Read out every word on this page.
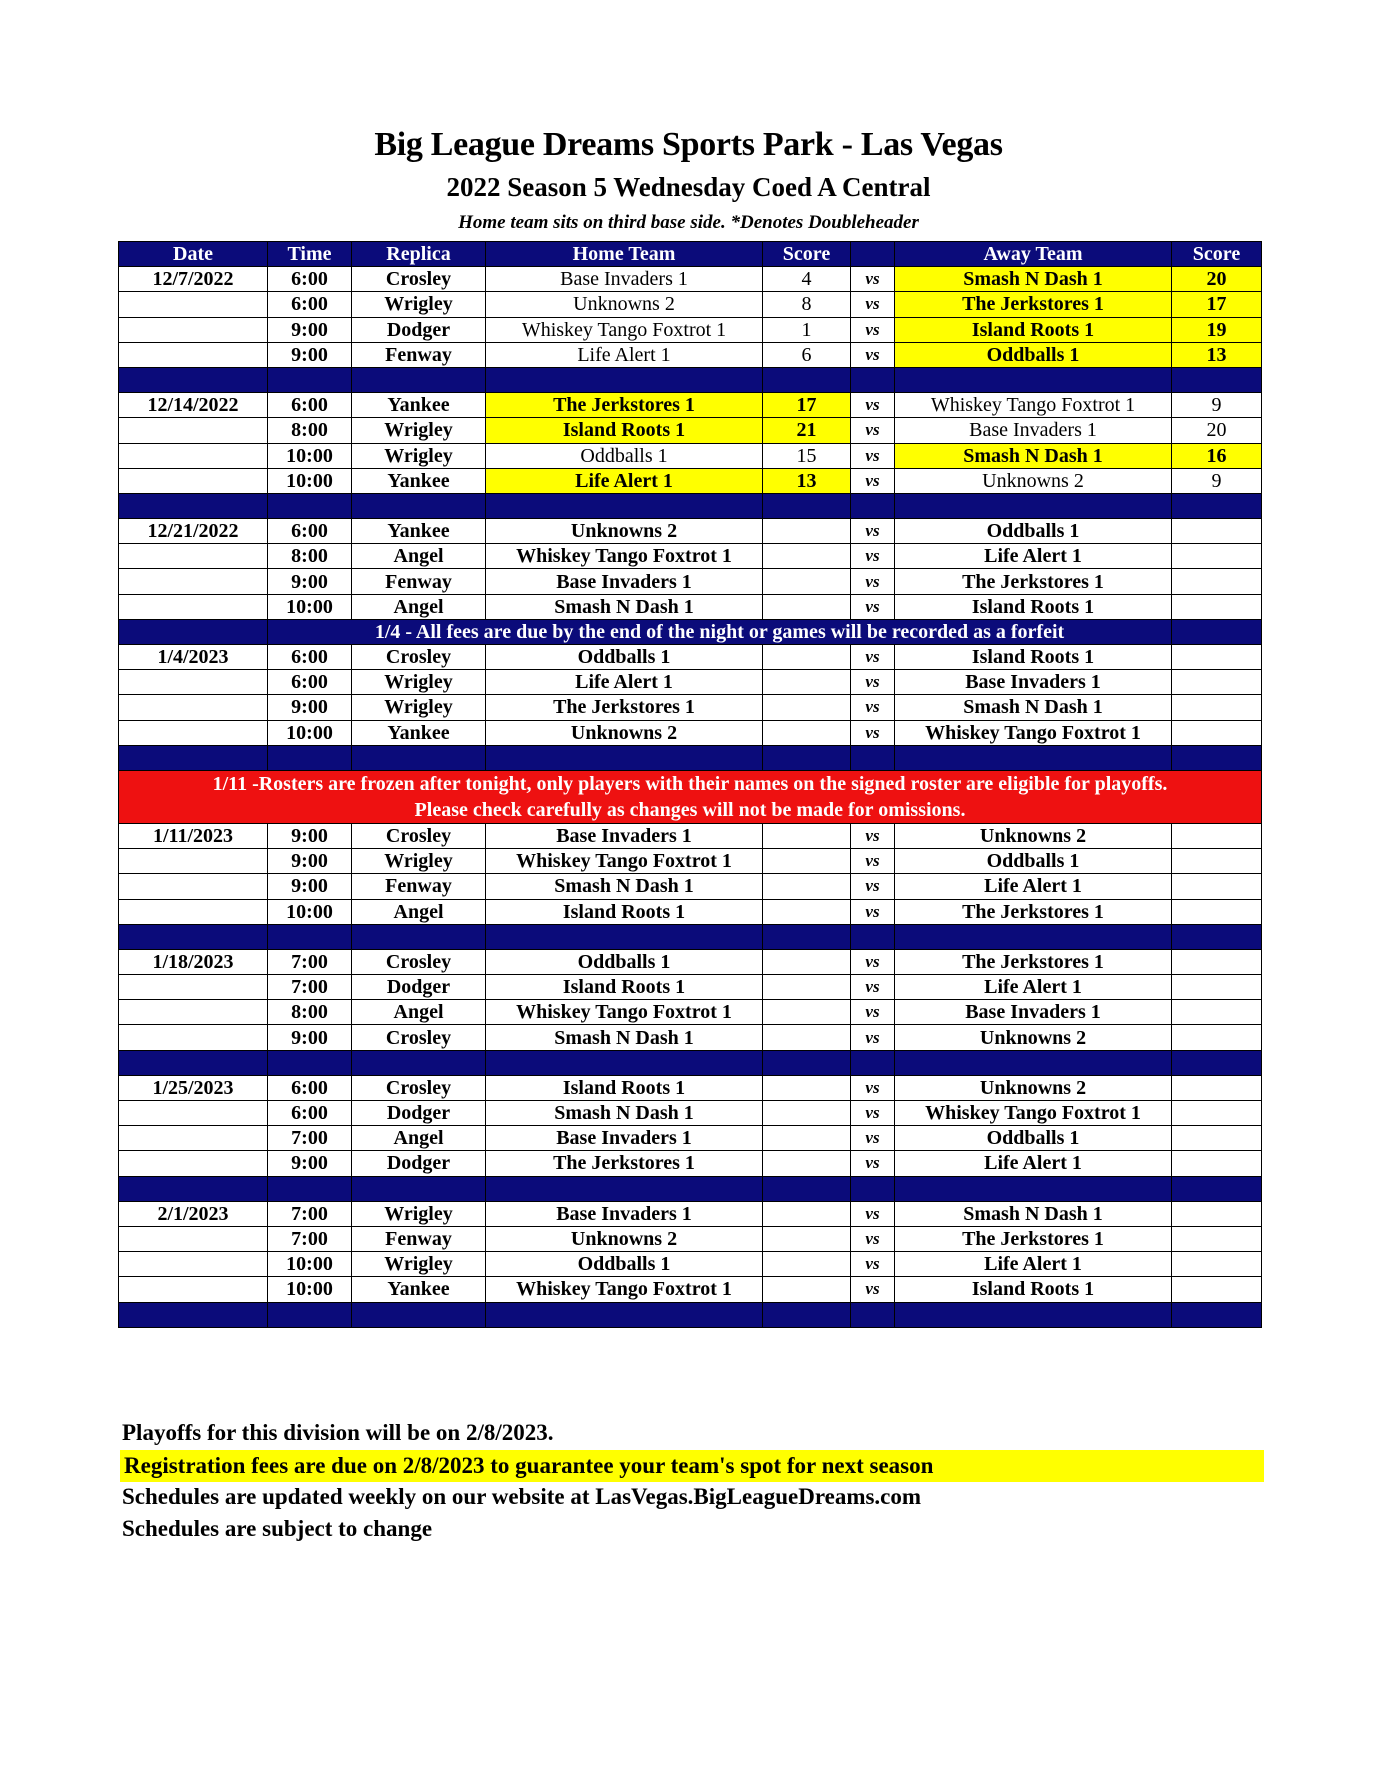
Big League Dreams Sports Park - Las Vegas
2022 Season 5 Wednesday Coed A Central
Home team sits on third base side. *Denotes Doubleheader
Date	Time	Replica	Home Team	Score		Away Team	Score
12/7/2022	6:00	Crosley	Base Invaders 1	4	vs	Smash N Dash 1	20
	6:00	Wrigley	Unknowns 2	8	vs	The Jerkstores 1	17
	9:00	Dodger	Whiskey Tango Foxtrot 1	1	vs	Island Roots 1	19
	9:00	Fenway	Life Alert 1	6	vs	Oddballs 1	13

12/14/2022	6:00	Yankee	The Jerkstores 1	17	vs	Whiskey Tango Foxtrot 1	9
	8:00	Wrigley	Island Roots 1	21	vs	Base Invaders 1	20
	10:00	Wrigley	Oddballs 1	15	vs	Smash N Dash 1	16
	10:00	Yankee	Life Alert 1	13	vs	Unknowns 2	9

12/21/2022	6:00	Yankee	Unknowns 2		vs	Oddballs 1	
	8:00	Angel	Whiskey Tango Foxtrot 1		vs	Life Alert 1	
	9:00	Fenway	Base Invaders 1		vs	The Jerkstores 1	
	10:00	Angel	Smash N Dash 1		vs	Island Roots 1	
	1/4 - All fees are due by the end of the night or games will be recorded as a forfeit						
1/4/2023	6:00	Crosley	Oddballs 1		vs	Island Roots 1	
	6:00	Wrigley	Life Alert 1		vs	Base Invaders 1	
	9:00	Wrigley	The Jerkstores 1		vs	Smash N Dash 1	
	10:00	Yankee	Unknowns 2		vs	Whiskey Tango Foxtrot 1	

1/11 -Rosters are frozen after tonight, only players with their names on the signed roster are eligible for playoffs.
Please check carefully as changes will not be made for omissions.							

1/11/2023	9:00	Crosley	Base Invaders 1		vs	Unknowns 2	
	9:00	Wrigley	Whiskey Tango Foxtrot 1		vs	Oddballs 1	
	9:00	Fenway	Smash N Dash 1		vs	Life Alert 1	
	10:00	Angel	Island Roots 1		vs	The Jerkstores 1	

1/18/2023	7:00	Crosley	Oddballs 1		vs	The Jerkstores 1	
	7:00	Dodger	Island Roots 1		vs	Life Alert 1	
	8:00	Angel	Whiskey Tango Foxtrot 1		vs	Base Invaders 1	
	9:00	Crosley	Smash N Dash 1		vs	Unknowns 2	

1/25/2023	6:00	Crosley	Island Roots 1		vs	Unknowns 2	
	6:00	Dodger	Smash N Dash 1		vs	Whiskey Tango Foxtrot 1	
	7:00	Angel	Base Invaders 1		vs	Oddballs 1	
	9:00	Dodger	The Jerkstores 1		vs	Life Alert 1	

2/1/2023	7:00	Wrigley	Base Invaders 1		vs	Smash N Dash 1	
	7:00	Fenway	Unknowns 2		vs	The Jerkstores 1	
	10:00	Wrigley	Oddballs 1		vs	Life Alert 1	
	10:00	Yankee	Whiskey Tango Foxtrot 1		vs	Island Roots 1	

Playoffs for this division will be on 2/8/2023.
Registration fees are due on 2/8/2023 to guarantee your team's spot for next season
Schedules are updated weekly on our website at LasVegas.BigLeagueDreams.com
Schedules are subject to change
